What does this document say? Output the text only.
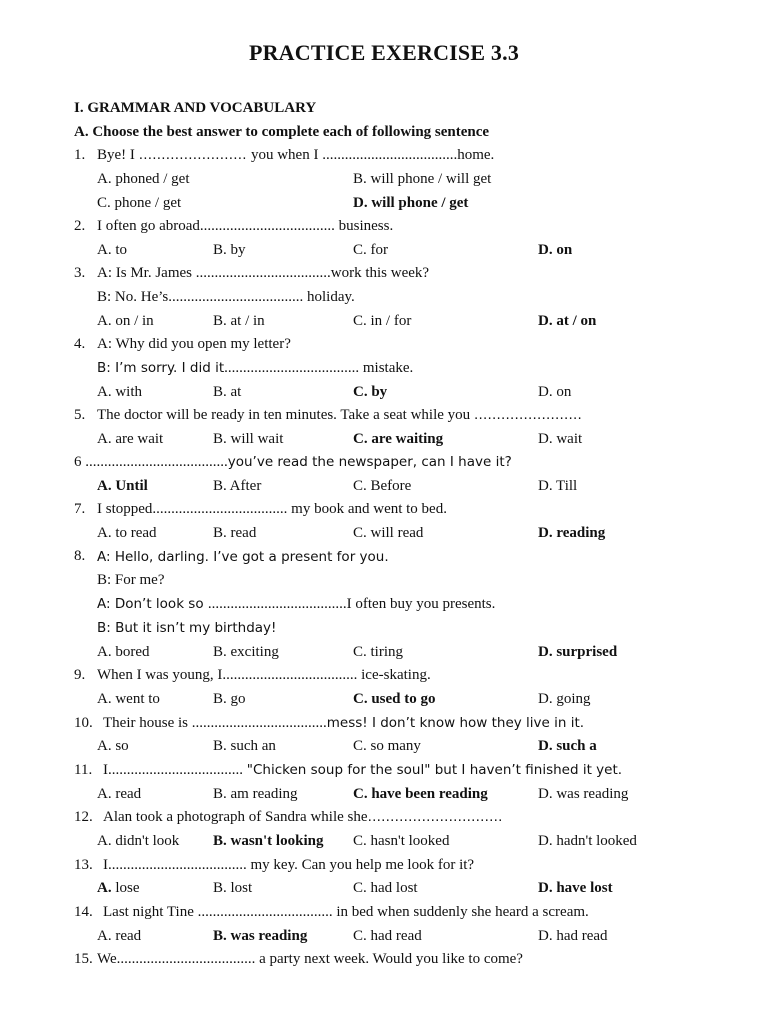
PRACTICE EXERCISE 3.3
I. GRAMMAR AND VOCABULARY
A. Choose the best answer to complete each of following sentence
1. Bye! I …………………… you when I ....................................home.
A. phoned / get	B. will phone / will get
C. phone / get	D. will phone / get
2. I often go abroad.................................... business.
A. to	B. by	C. for	D. on
3. A: Is Mr. James ....................................work this week?
B: No. He’s.................................... holiday.
A. on / in	B. at / in	C. in / for	D. at / on
4. A: Why did you open my letter?
B: I’m sorry. I did it.................................... mistake.
A. with	B. at	C. by	D. on
5. The doctor will be ready in ten minutes. Take a seat while you ……………………
A. are wait	B. will wait	C. are waiting	D. wait
6 ......................................you’ve read the newspaper, can I have it?
A. Until	B. After	C. Before	D. Till
7. I stopped.................................... my book and went to bed.
A. to read	B. read	C. will read	D. reading
8. A: Hello, darling. I’ve got a present for you.
B: For me?
A: Don’t look so .....................................I often buy you presents.
B: But it isn’t my birthday!
A. bored	B. exciting	C. tiring	D. surprised
9. When I was young, I.................................... ice-skating.
A. went to	B. go	C. used to go	D. going
10. Their house is ....................................mess! I don’t know how they live in it.
A. so	B. such an	C. so many	D. such a
11. I.................................... "Chicken soup for the soul" but I haven’t finished it yet.
A. read	B. am reading	C. have been reading	D. was reading
12. Alan took a photograph of Sandra while she…………………………
A. didn't look B. wasn't looking C. hasn't looked	D. hadn't looked
13. I..................................... my key. Can you help me look for it?
A. lose	B. lost	C. had lost	D. have lost
14. Last night Tine .................................... in bed when suddenly she heard a scream.
A. read	B. was reading	C. had read	D. had read
15. We..................................... a party next week. Would you like to come?
